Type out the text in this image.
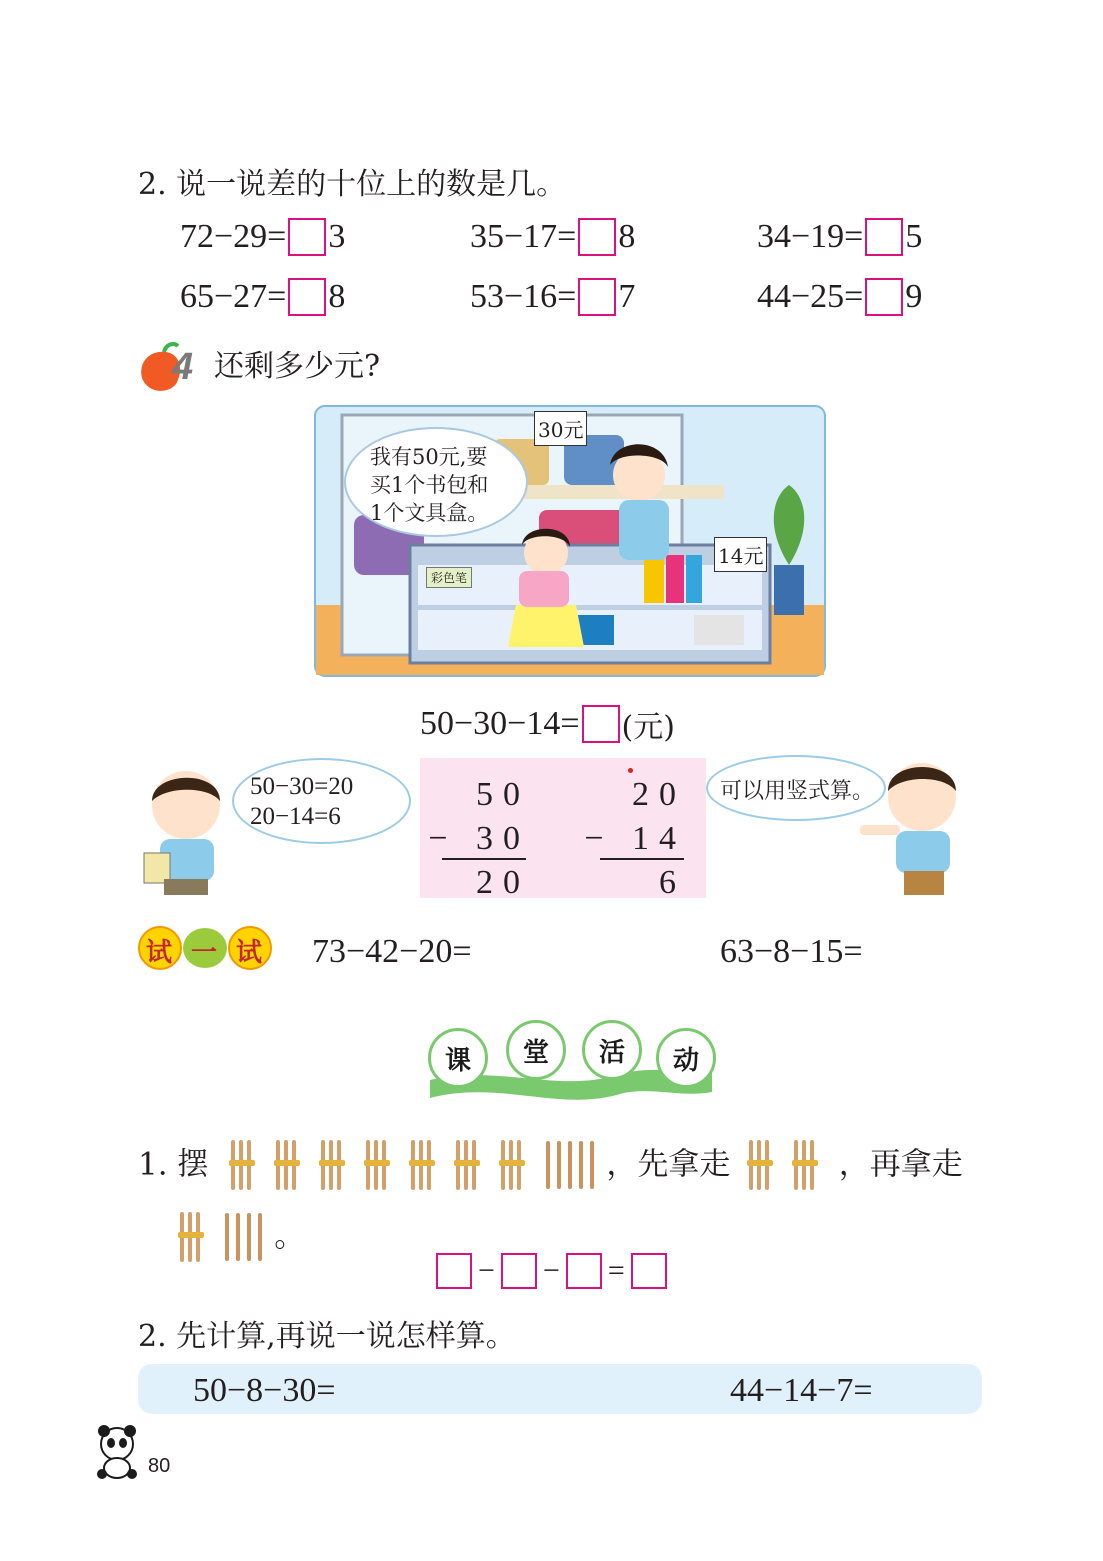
2. 说一说差的十位上的数是几。
72−29= 3	35−17= 8	34−19= 5
65−27= 8	53−16= 7	44−25= 9
4 还剩多少元?
30元
14元
彩色笔
我有50元,要
买1个书包和
1个文具盒。
50−30−14= (元)
50−30=20
20−14=6
50
− 30
20
20
− 14
6
可以用竖式算。
试 一 试 73−42−20=	63−8−15=
课	堂	活	动
1. 摆

	，先拿走
	，再拿走
。
− − =
2. 先计算,再说一说怎样算。
50−8−30=	44−14−7=
80
